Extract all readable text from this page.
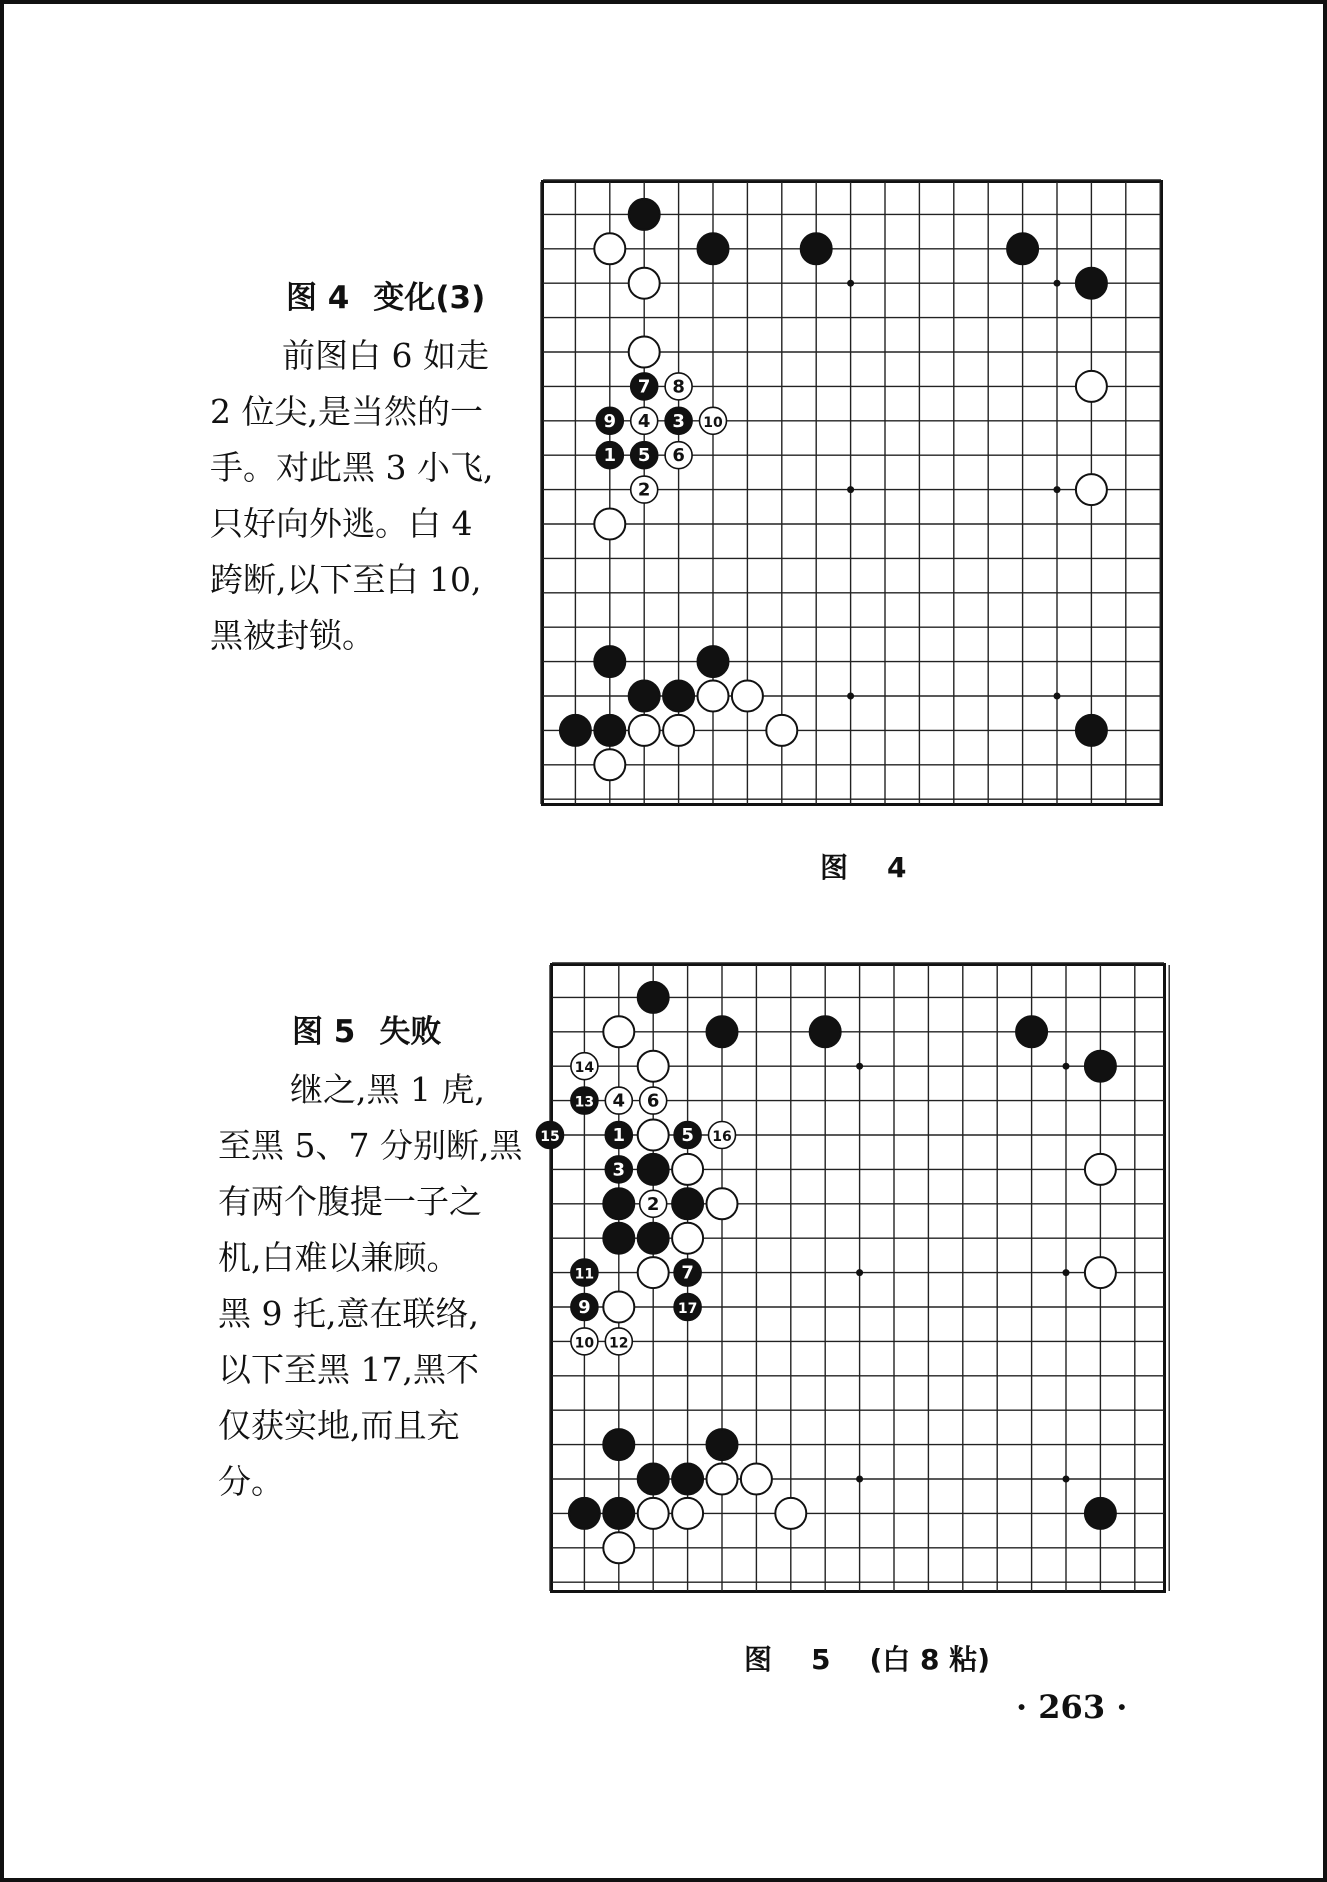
图 4 变化(3)
前图白 6 如走
2 位尖,是当然的一
手。对此黑 3 小飞,
只好向外逃。白 4
跨断,以下至白 10,
黑被封锁。
7 8
9 4 3 10
1 5 6
2
图    4
图 5 失败
继之,黑 1 虎,
至黑 5、7 分别断,黑
有两个腹提一子之
机,白难以兼顾。
黑 9 托,意在联络,
以下至黑 17,黑不
仅获实地,而且充
分。
14
13 4 6
15	1	5 16
3
2
11	7
9	17
10 12
图    5    (白 8 粘)
· 263 ·
